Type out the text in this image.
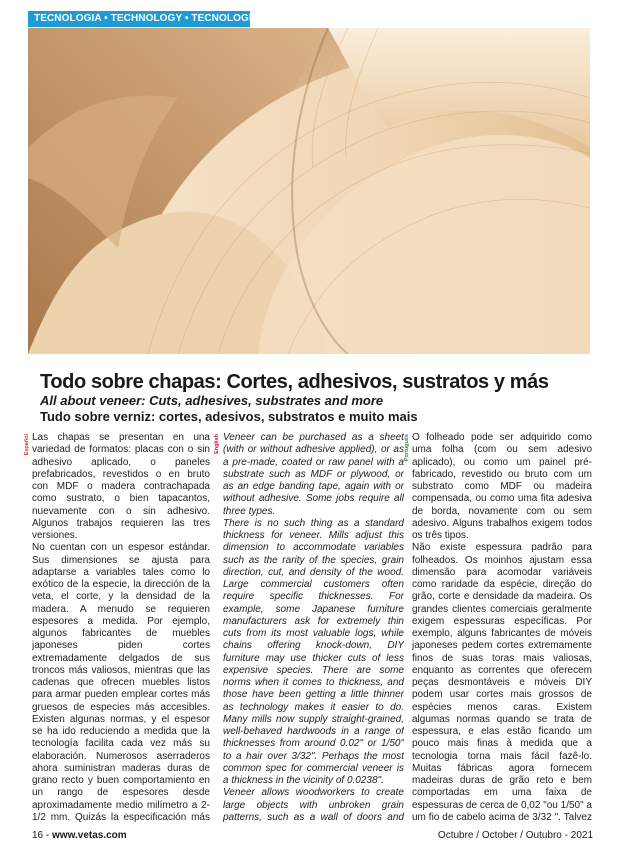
TECNOLOGIA • TECHNOLOGY • TECNOLOGIA
Todo sobre chapas: Cortes, adhesivos, sustratos y más
All about veneer: Cuts, adhesives, substrates and more
Tudo sobre verniz: cortes, adesivos, substratos e muito mais
Español	English	Português

Las chapas se presentan en una variedad de formatos: placas con o sin adhesivo aplicado, o paneles prefabricados, revestidos o en bruto con MDF o madera contrachapada como sustrato, o bien tapacantos, nuevamente con o sin adhesivo. Algunos trabajos requieren las tres versiones.

No cuentan con un espesor estándar. Sus dimensiones se ajusta para adaptarse a variables tales como lo exótico de la especie, la dirección de la veta, el corte, y la densidad de la madera. A menudo se requieren espesores a medida. Por ejemplo, algunos fabricantes de muebles japoneses piden cortes extremadamente delgados de sus troncos más valiosos, mientras que las cadenas que ofrecen muebles listos para armar pueden emplear cortes más gruesos de especies más accesibles. Existen algunas normas, y el espesor se ha ido reduciendo a medida que la tecnología facilita cada vez más su elaboración. Numerosos aserraderos ahora suministran maderas duras de grano recto y buen comportamiento en un rango de espesores desde aproximadamente medio milímetro a 2-1/2 mm. Quizás la especificación más

Veneer can be purchased as a sheet (with or without adhesive applied), or as a pre-made, coated or raw panel with a substrate such as MDF or plywood, or as an edge banding tape, again with or without adhesive. Some jobs require all three types.

There is no such thing as a standard thickness for veneer. Mills adjust this dimension to accommodate variables such as the rarity of the species, grain direction, cut, and density of the wood. Large commercial customers often require specific thicknesses. For example, some Japanese furniture manufacturers ask for extremely thin cuts from its most valuable logs, while chains offering knock-down, DIY furniture may use thicker cuts of less expensive species. There are some norms when it comes to thickness, and those have been getting a little thinner as technology makes it easier to do. Many mills now supply straight-grained, well-behaved hardwoods in a range of thicknesses from around 0.02" or 1/50" to a hair over 3/32". Perhaps the most common spec for commercial veneer is a thickness in the vicinity of 0.0238".

Veneer allows woodworkers to create large objects with unbroken grain patterns, such as a wall of doors and

O folheado pode ser adquirido como uma folha (com ou sem adesivo aplicado), ou como um painel pré-fabricado, revestido ou bruto com um substrato como MDF ou madeira compensada, ou como uma fita adesiva de borda, novamente com ou sem adesivo. Alguns trabalhos exigem todos os três tipos.

Não existe espessura padrão para folheados. Os moinhos ajustam essa dimensão para acomodar variáveis como raridade da espécie, direção do grão, corte e densidade da madeira. Os grandes clientes comerciais geralmente exigem espessuras específicas. Por exemplo, alguns fabricantes de móveis japoneses pedem cortes extremamente finos de suas toras mais valiosas, enquanto as correntes que oferecem peças desmontáveis e móveis DIY podem usar cortes mais grossos de espécies menos caras. Existem algumas normas quando se trata de espessura, e elas estão ficando um pouco mais finas à medida que a tecnologia torna mais fácil fazê-lo. Muitas fábricas agora fornecem madeiras duras de grão reto e bem comportadas em uma faixa de espessuras de cerca de 0,02 "ou 1/50" a um fio de cabelo acima de 3/32 ". Talvez

16 - www.vetas.com	Octubre / October / Outubro - 2021
